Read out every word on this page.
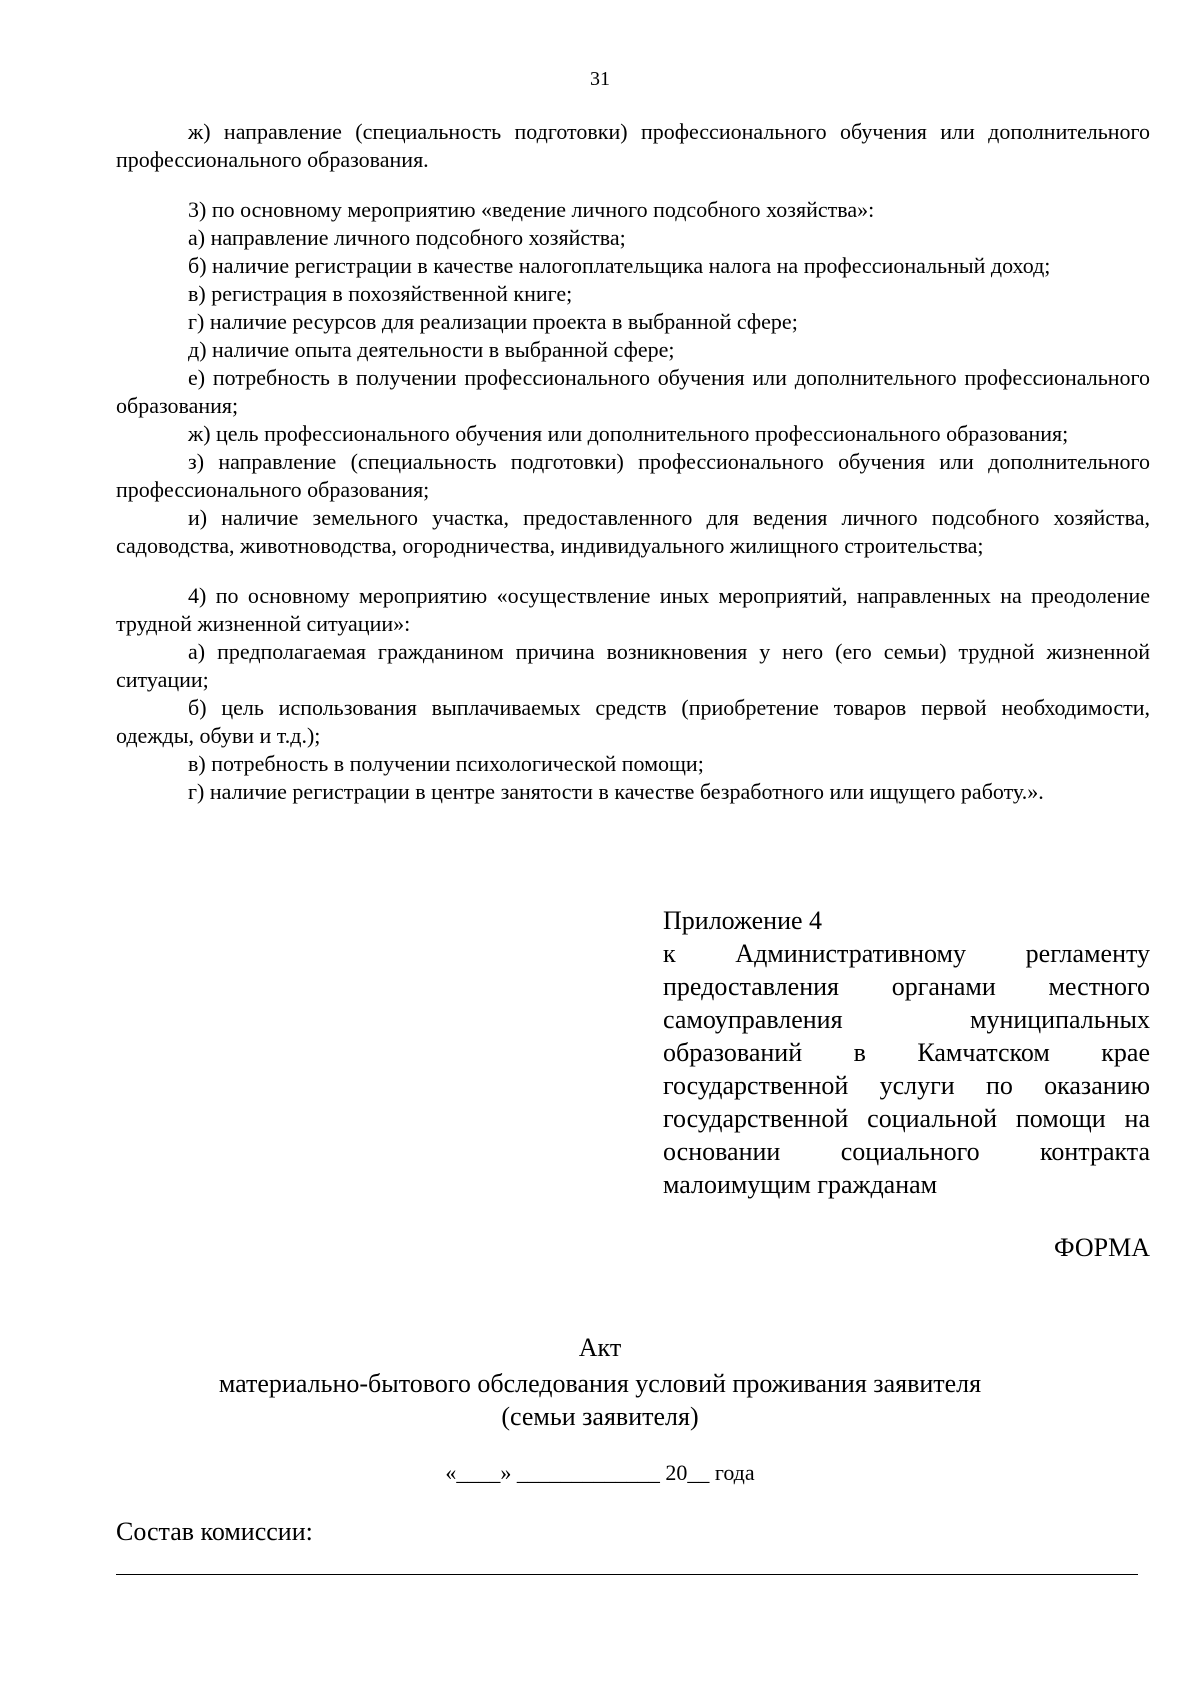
31

ж) направление (специальность подготовки) профессионального обучения или дополнительного профессионального образования.

3) по основному мероприятию «ведение личного подсобного хозяйства»:

а) направление личного подсобного хозяйства;

б) наличие регистрации в качестве налогоплательщика налога на профессиональный доход;

в) регистрация в похозяйственной книге;

г) наличие ресурсов для реализации проекта в выбранной сфере;

д) наличие опыта деятельности в выбранной сфере;

е) потребность в получении профессионального обучения или дополнительного профессионального образования;

ж) цель профессионального обучения или дополнительного профессионального образования;

з) направление (специальность подготовки) профессионального обучения или дополнительного профессионального образования;

и) наличие земельного участка, предоставленного для ведения личного подсобного хозяйства, садоводства, животноводства, огородничества, индивидуального жилищного строительства;

4) по основному мероприятию «осуществление иных мероприятий, направленных на преодоление трудной жизненной ситуации»:

а) предполагаемая гражданином причина возникновения у него (его семьи) трудной жизненной ситуации;

б) цель использования выплачиваемых средств (приобретение товаров первой необходимости, одежды, обуви и т.д.);

в) потребность в получении психологической помощи;

г) наличие регистрации в центре занятости в качестве безработного или ищущего работу.».

Приложение 4

к Административному регламенту предоставления органами местного самоуправления муниципальных образований в Камчатском крае государственной услуги по оказанию государственной социальной помощи на основании социального контракта малоимущим гражданам

ФОРМА
Акт
материально-бытового обследования условий проживания заявителя
(семьи заявителя)
«____» _____________ 20__ года
Состав комиссии:
